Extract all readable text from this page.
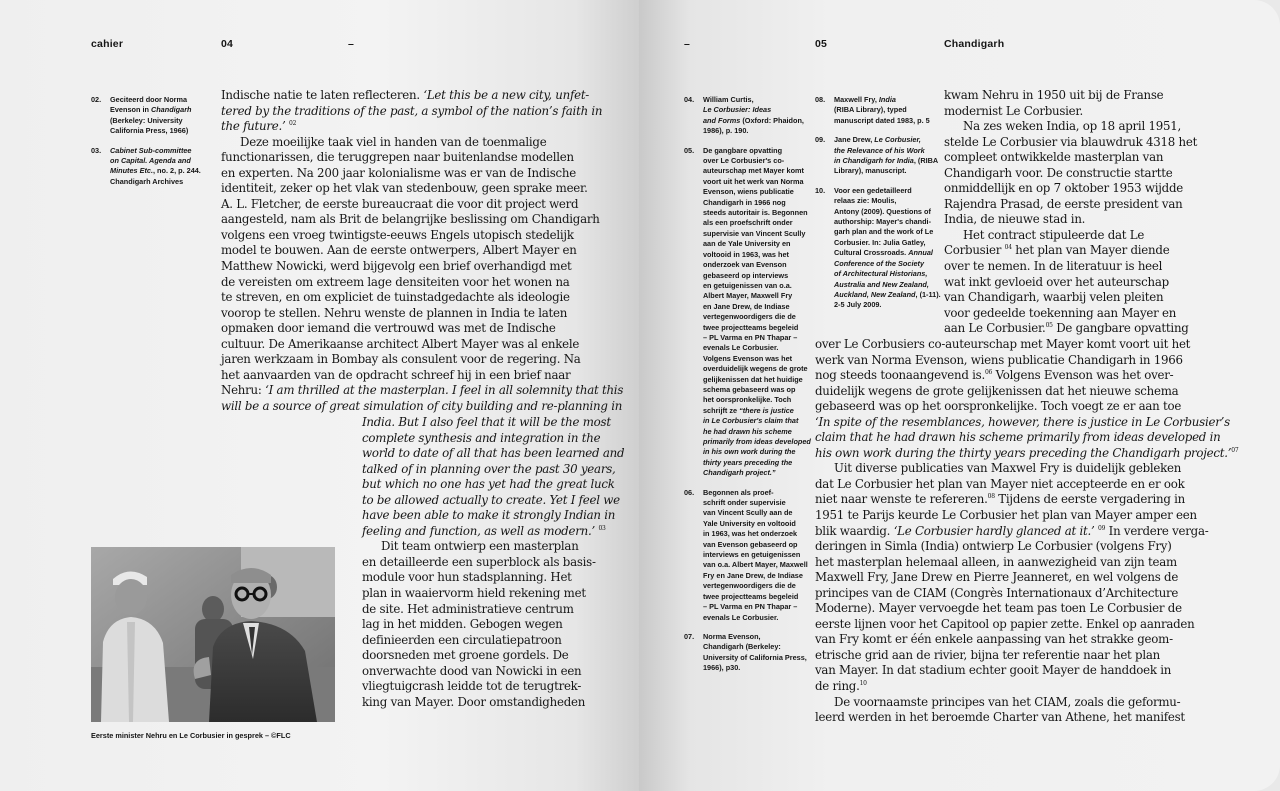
cahier	04	–
02. Geciteerd door Norma
Evenson in Chandigarh
(Berkeley: University
California Press, 1966)
03. Cabinet Sub-committee
on Capital. Agenda and
Minutes Etc., no. 2, p. 244.
Chandigarh Archives
Indische natie te laten reflecteren. ‘Let this be a new city, unfet-
tered by the traditions of the past, a symbol of the nation’s faith in
the future.’ $^{02}$
Deze moeilijke taak viel in handen van de toenmalige
functionarissen, die teruggrepen naar buitenlandse modellen
en experten. Na 200 jaar kolonialisme was er van de Indische
identiteit, zeker op het vlak van stedenbouw, geen sprake meer.
A. L. Fletcher, de eerste bureaucraat die voor dit project werd
aangesteld, nam als Brit de belangrijke beslissing om Chandigarh
volgens een vroeg twintigste-eeuws Engels utopisch stedelijk
model te bouwen. Aan de eerste ontwerpers, Albert Mayer en
Matthew Nowicki, werd bijgevolg een brief overhandigd met
de vereisten om extreem lage densiteiten voor het wonen na
te streven, en om expliciet de tuinstadgedachte als ideologie
voorop te stellen. Nehru wenste de plannen in India te laten
opmaken door iemand die vertrouwd was met de Indische
cultuur. De Amerikaanse architect Albert Mayer was al enkele
jaren werkzaam in Bombay als consulent voor de regering. Na
het aanvaarden van de opdracht schreef hij in een brief naar
Nehru: ‘I am thrilled at the masterplan. I feel in all solemnity that this
will be a source of great simulation of city building and re-planning in
India. But I also feel that it will be the most
complete synthesis and integration in the
world to date of all that has been learned and
talked of in planning over the past 30 years,
but which no one has yet had the great luck
to be allowed actually to create. Yet I feel we
have been able to make it strongly Indian in
feeling and function, as well as modern.’ $^{03}$
Dit team ontwierp een masterplan
en detailleerde een superblock als basis-
module voor hun stadsplanning. Het
plan in waaiervorm hield rekening met
de site. Het administratieve centrum
lag in het midden. Gebogen wegen
definieerden een circulatiepatroon
doorsneden met groene gordels. De
onverwachte dood van Nowicki in een
vliegtuigcrash leidde tot de terugtrek-
king van Mayer. Door omstandigheden
Eerste minister Nehru en Le Corbusier in gesprek – ©FLC
–	05	Chandigarh
04. William Curtis,
Le Corbusier: Ideas
and Forms (Oxford: Phaidon,
1986), p. 190.
05. De gangbare opvatting
over Le Corbusier's co-
auteurschap met Mayer komt
voort uit het werk van Norma
Evenson, wiens publicatie
Chandigarh in 1966 nog
steeds autoritair is. Begonnen
als een proefschrift onder
supervisie van Vincent Scully
aan de Yale University en
voltooid in 1963, was het
onderzoek van Evenson
gebaseerd op interviews
en getuigenissen van o.a.
Albert Mayer, Maxwell Fry
en Jane Drew, de Indiase
vertegenwoordigers die de
twee projectteams begeleid
– PL Varma en PN Thapar –
evenals Le Corbusier.
Volgens Evenson was het
overduidelijk wegens de grote
gelijkenissen dat het huidige
schema gebaseerd was op
het oorspronkelijke. Toch
schrijft ze “there is justice
in Le Corbusier's claim that
he had drawn his scheme
primarily from ideas developed
in his own work during the
thirty years preceding the
Chandigarh project.”
06. Begonnen als proef-
schrift onder supervisie
van Vincent Scully aan de
Yale University en voltooid
in 1963, was het onderzoek
van Evenson gebaseerd op
interviews en getuigenissen
van o.a. Albert Mayer, Maxwell
Fry en Jane Drew, de Indiase
vertegenwoordigers die de
twee projectteams begeleid
– PL Varma en PN Thapar –
evenals Le Corbusier.
07. Norma Evenson,
Chandigarh (Berkeley:
University of California Press,
1966), p30.
08. Maxwell Fry, India
(RIBA Library), typed
manuscript dated 1983, p. 5
09. Jane Drew, Le Corbusier,
the Relevance of his Work
in Chandigarh for India, (RIBA
Library), manuscript.
10. Voor een gedetailleerd
relaas zie: Moulis,
Antony (2009). Questions of
authorship: Mayer's chandi-
garh plan and the work of Le
Corbusier. In: Julia Gatley,
Cultural Crossroads. Annual
Conference of the Society
of Architectural Historians,
Australia and New Zealand,
Auckland, New Zealand, (1-11).
2-5 July 2009.
kwam Nehru in 1950 uit bij de Franse
modernist Le Corbusier.
Na zes weken India, op 18 april 1951,
stelde Le Corbusier via blauwdruk 4318 het
compleet ontwikkelde masterplan van
Chandigarh voor. De constructie startte
onmiddellijk en op 7 oktober 1953 wijdde
Rajendra Prasad, de eerste president van
India, de nieuwe stad in.
Het contract stipuleerde dat Le
Corbusier $^{04}$ het plan van Mayer diende
over te nemen. In de literatuur is heel
wat inkt gevloeid over het auteurschap
van Chandigarh, waarbij velen pleiten
voor gedeelde toekenning aan Mayer en
aan Le Corbusier.$^{05}$ De gangbare opvatting
over Le Corbusiers co-auteurschap met Mayer komt voort uit het
werk van Norma Evenson, wiens publicatie Chandigarh in 1966
nog steeds toonaangevend is.$^{06}$ Volgens Evenson was het over-
duidelijk wegens de grote gelijkenissen dat het nieuwe schema
gebaseerd was op het oorspronkelijke. Toch voegt ze er aan toe
‘In spite of the resemblances, however, there is justice in Le Corbusier’s
claim that he had drawn his scheme primarily from ideas developed in
his own work during the thirty years preceding the Chandigarh project.’$^{07}$
Uit diverse publicaties van Maxwel Fry is duidelijk gebleken
dat Le Corbusier het plan van Mayer niet accepteerde en er ook
niet naar wenste te refereren.$^{08}$ Tijdens de eerste vergadering in
1951 te Parijs keurde Le Corbusier het plan van Mayer amper een
blik waardig. ‘Le Corbusier hardly glanced at it.’ $^{09}$ In verdere verga-
deringen in Simla (India) ontwierp Le Corbusier (volgens Fry)
het masterplan helemaal alleen, in aanwezigheid van zijn team
Maxwell Fry, Jane Drew en Pierre Jeanneret, en wel volgens de
principes van de CIAM (Congrès Internationaux d’Architecture
Moderne). Mayer vervoegde het team pas toen Le Corbusier de
eerste lijnen voor het Capitool op papier zette. Enkel op aanraden
van Fry komt er één enkele aanpassing van het strakke geom-
etrische grid aan de rivier, bijna ter referentie naar het plan
van Mayer. In dat stadium echter gooit Mayer de handdoek in
de ring.$^{10}$
De voornaamste principes van het CIAM, zoals die geformu-
leerd werden in het beroemde Charter van Athene, het manifest
